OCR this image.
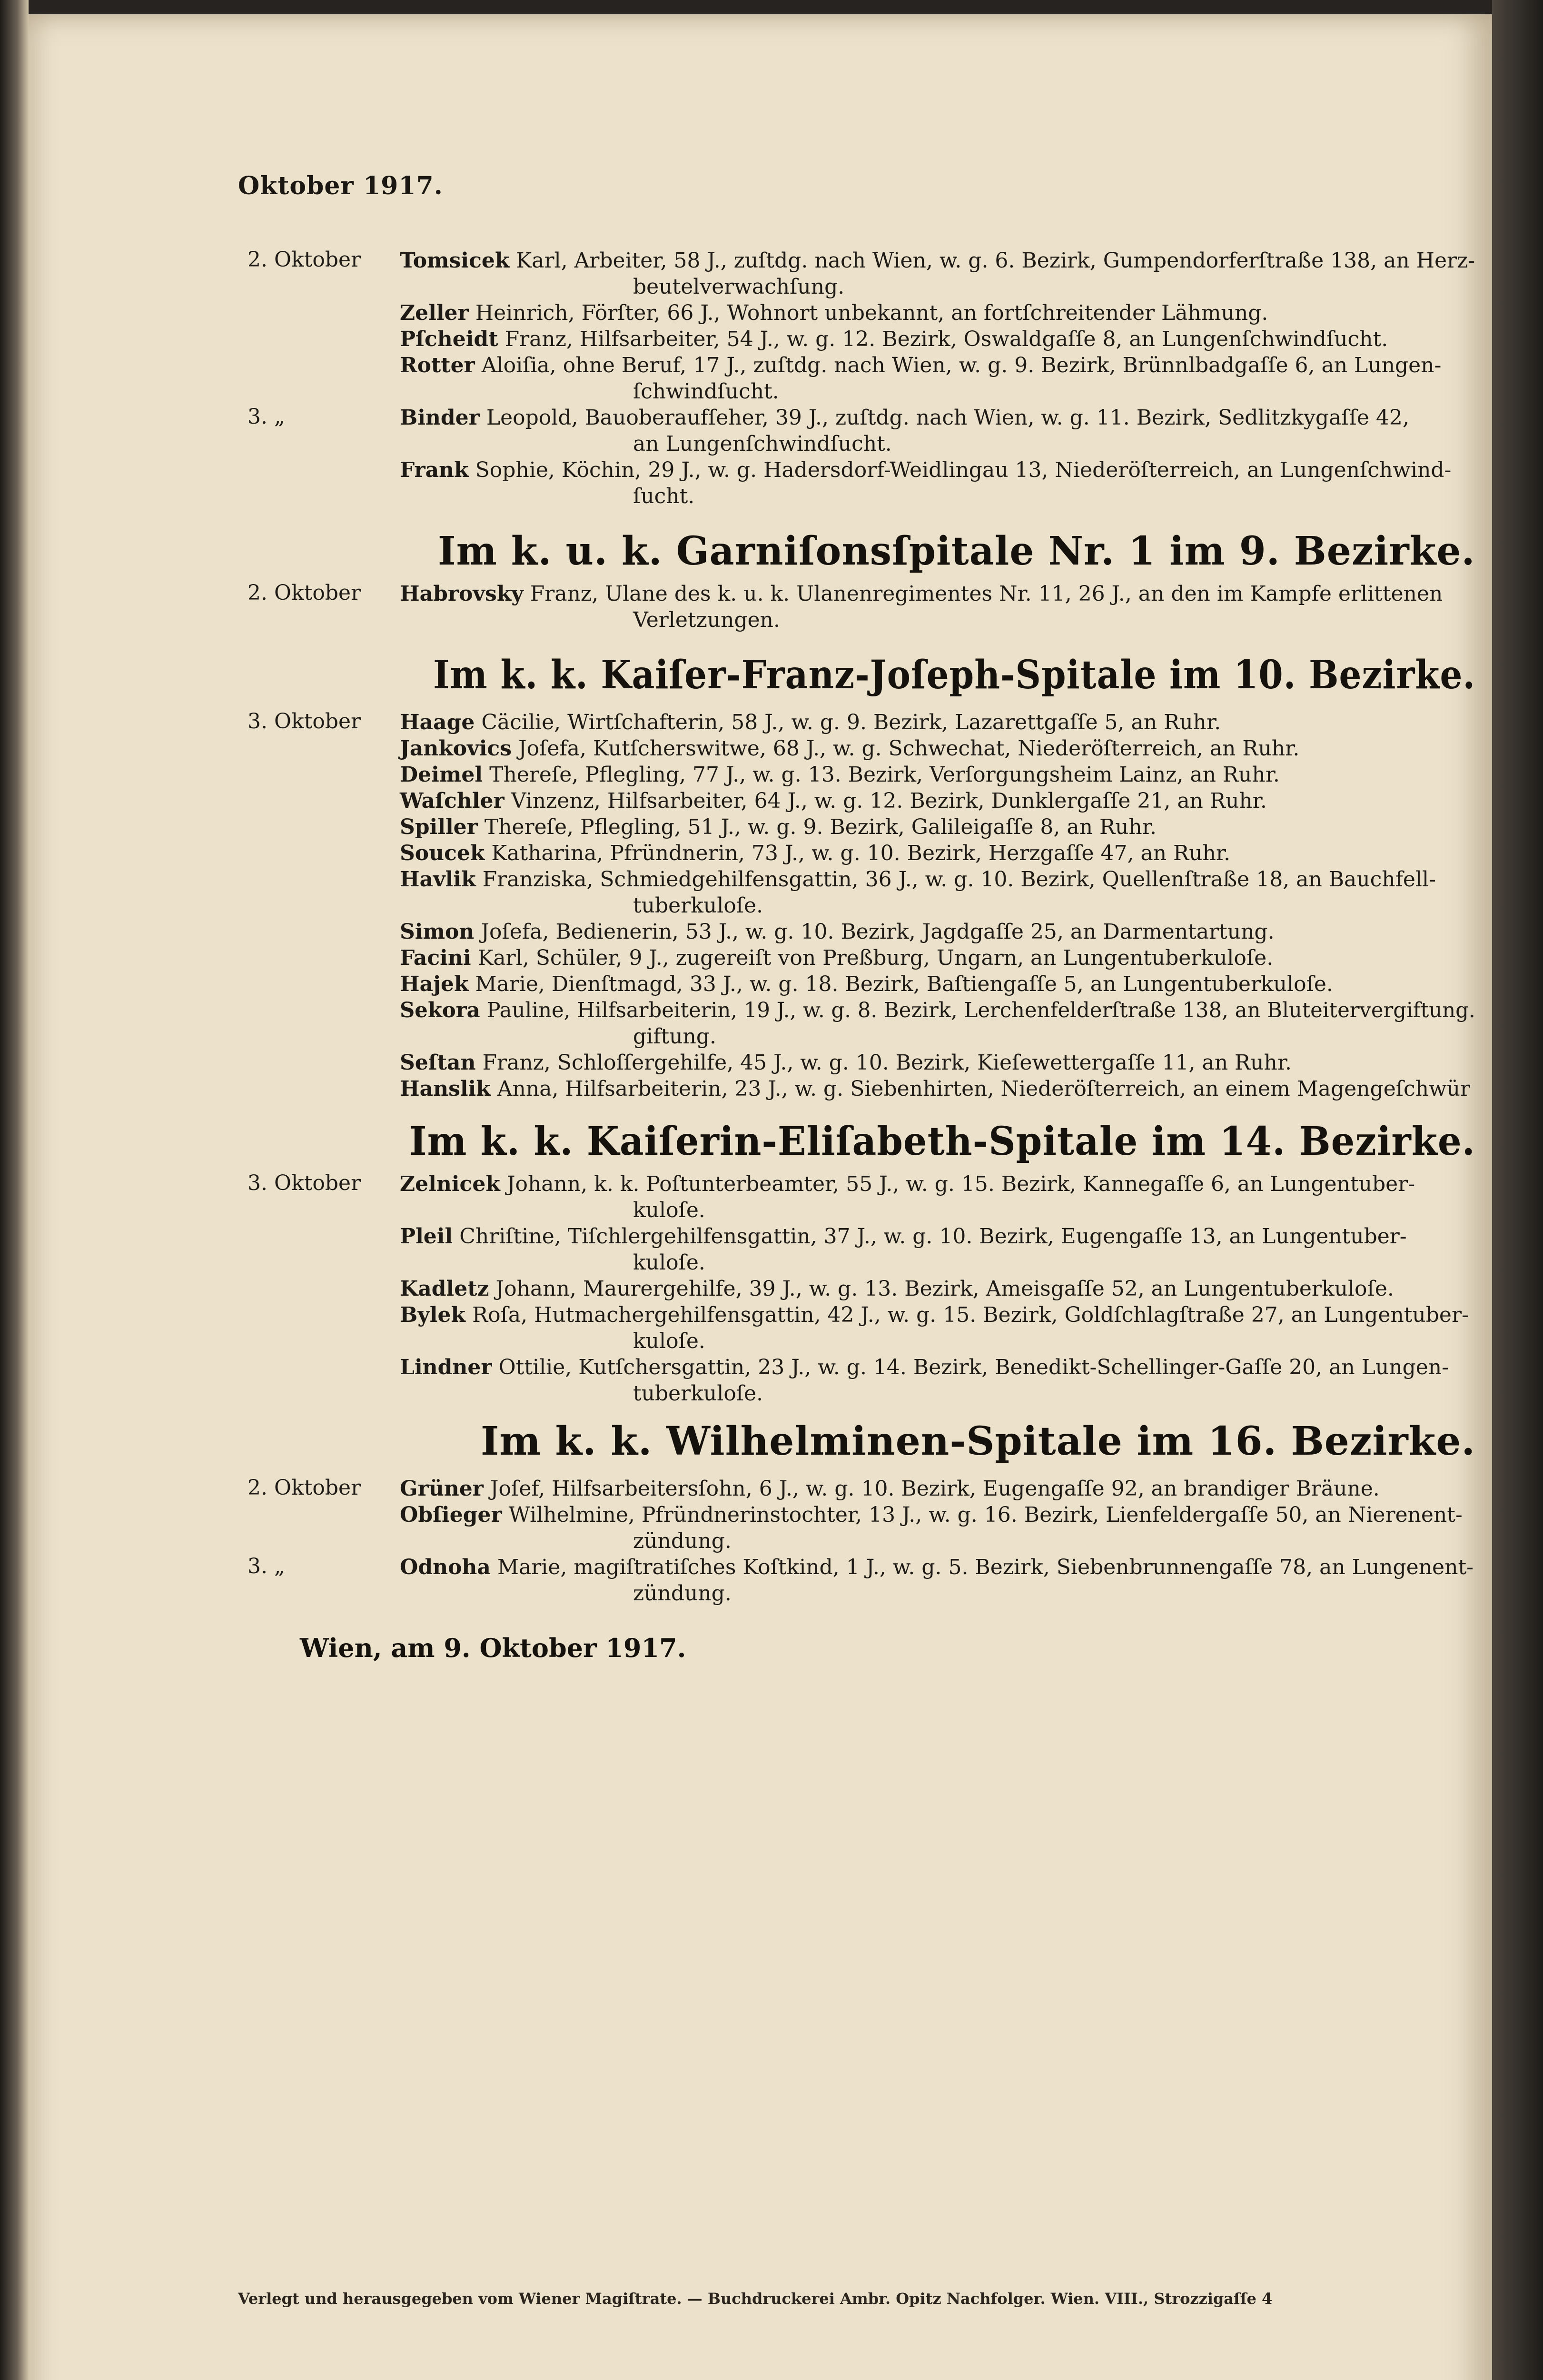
Oktober 1917.
2. Oktober Tomsicek Karl, Arbeiter, 58 J., zuſtdg. nach Wien, w. g. 6. Bezirk, Gumpendorferſtraße 138, an Herz-
beutelverwachſung.
Zeller Heinrich, Förſter, 66 J., Wohnort unbekannt, an fortſchreitender Lähmung.
Pſcheidt Franz, Hilfsarbeiter, 54 J., w. g. 12. Bezirk, Oswaldgaſſe 8, an Lungenſchwindſucht.
Rotter Aloiſia, ohne Beruf, 17 J., zuſtdg. nach Wien, w. g. 9. Bezirk, Brünnlbadgaſſe 6, an Lungen-
ſchwindſucht.
3. „	Binder Leopold, Bauoberaufſeher, 39 J., zuſtdg. nach Wien, w. g. 11. Bezirk, Sedlitzkygaſſe 42,
an Lungenſchwindſucht.
Frank Sophie, Köchin, 29 J., w. g. Hadersdorf-Weidlingau 13, Niederöſterreich, an Lungenſchwind-
ſucht.
Im k. u. k. Garniſonsſpitale Nr. 1 im 9. Bezirke.
2. Oktober Habrovsky Franz, Ulane des k. u. k. Ulanenregimentes Nr. 11, 26 J., an den im Kampfe erlittenen
Verletzungen.
Im k. k. Kaiſer-Franz-Joſeph-Spitale im 10. Bezirke.
3. Oktober Haage Cäcilie, Wirtſchafterin, 58 J., w. g. 9. Bezirk, Lazarettgaſſe 5, an Ruhr.
Jankovics Joſefa, Kutſcherswitwe, 68 J., w. g. Schwechat, Niederöſterreich, an Ruhr.
Deimel Thereſe, Pflegling, 77 J., w. g. 13. Bezirk, Verſorgungsheim Lainz, an Ruhr.
Waſchler Vinzenz, Hilfsarbeiter, 64 J., w. g. 12. Bezirk, Dunklergaſſe 21, an Ruhr.
Spiller Thereſe, Pflegling, 51 J., w. g. 9. Bezirk, Galileigaſſe 8, an Ruhr.
Soucek Katharina, Pfründnerin, 73 J., w. g. 10. Bezirk, Herzgaſſe 47, an Ruhr.
Havlik Franziska, Schmiedgehilfensgattin, 36 J., w. g. 10. Bezirk, Quellenſtraße 18, an Bauchfell-
tuberkuloſe.
Simon Joſefa, Bedienerin, 53 J., w. g. 10. Bezirk, Jagdgaſſe 25, an Darmentartung.
Facini Karl, Schüler, 9 J., zugereiſt von Preßburg, Ungarn, an Lungentuberkuloſe.
Hajek Marie, Dienſtmagd, 33 J., w. g. 18. Bezirk, Baſtiengaſſe 5, an Lungentuberkuloſe.
Sekora Pauline, Hilfsarbeiterin, 19 J., w. g. 8. Bezirk, Lerchenfelderſtraße 138, an Bluteitervergiftung.
giftung.
Seſtan Franz, Schloſſergehilfe, 45 J., w. g. 10. Bezirk, Kieſewettergaſſe 11, an Ruhr.
Hanslik Anna, Hilfsarbeiterin, 23 J., w. g. Siebenhirten, Niederöſterreich, an einem Magengeſchwür
Im k. k. Kaiſerin-Eliſabeth-Spitale im 14. Bezirke.
3. Oktober Zelnicek Johann, k. k. Poſtunterbeamter, 55 J., w. g. 15. Bezirk, Kannegaſſe 6, an Lungentuber-
kuloſe.
Pleil Chriſtine, Tiſchlergehilfensgattin, 37 J., w. g. 10. Bezirk, Eugengaſſe 13, an Lungentuber-
kuloſe.
Kadletz Johann, Maurergehilfe, 39 J., w. g. 13. Bezirk, Ameisgaſſe 52, an Lungentuberkuloſe.
Bylek Roſa, Hutmachergehilfensgattin, 42 J., w. g. 15. Bezirk, Goldſchlagſtraße 27, an Lungentuber-
kuloſe.
Lindner Ottilie, Kutſchersgattin, 23 J., w. g. 14. Bezirk, Benedikt-Schellinger-Gaſſe 20, an Lungen-
tuberkuloſe.
Im k. k. Wilhelminen-Spitale im 16. Bezirke.
2. Oktober Grüner Joſef, Hilfsarbeitersſohn, 6 J., w. g. 10. Bezirk, Eugengaſſe 92, an brandiger Bräune.
Obſieger Wilhelmine, Pfründnerinstochter, 13 J., w. g. 16. Bezirk, Lienfeldergaſſe 50, an Nierenent-
zündung.
3. „	Odnoha Marie, magiſtratiſches Koſtkind, 1 J., w. g. 5. Bezirk, Siebenbrunnengaſſe 78, an Lungenent-
zündung.
Wien, am 9. Oktober 1917.
Verlegt und herausgegeben vom Wiener Magiſtrate. — Buchdruckerei Ambr. Opitz Nachfolger. Wien. VIII., Strozzigaſſe 4
